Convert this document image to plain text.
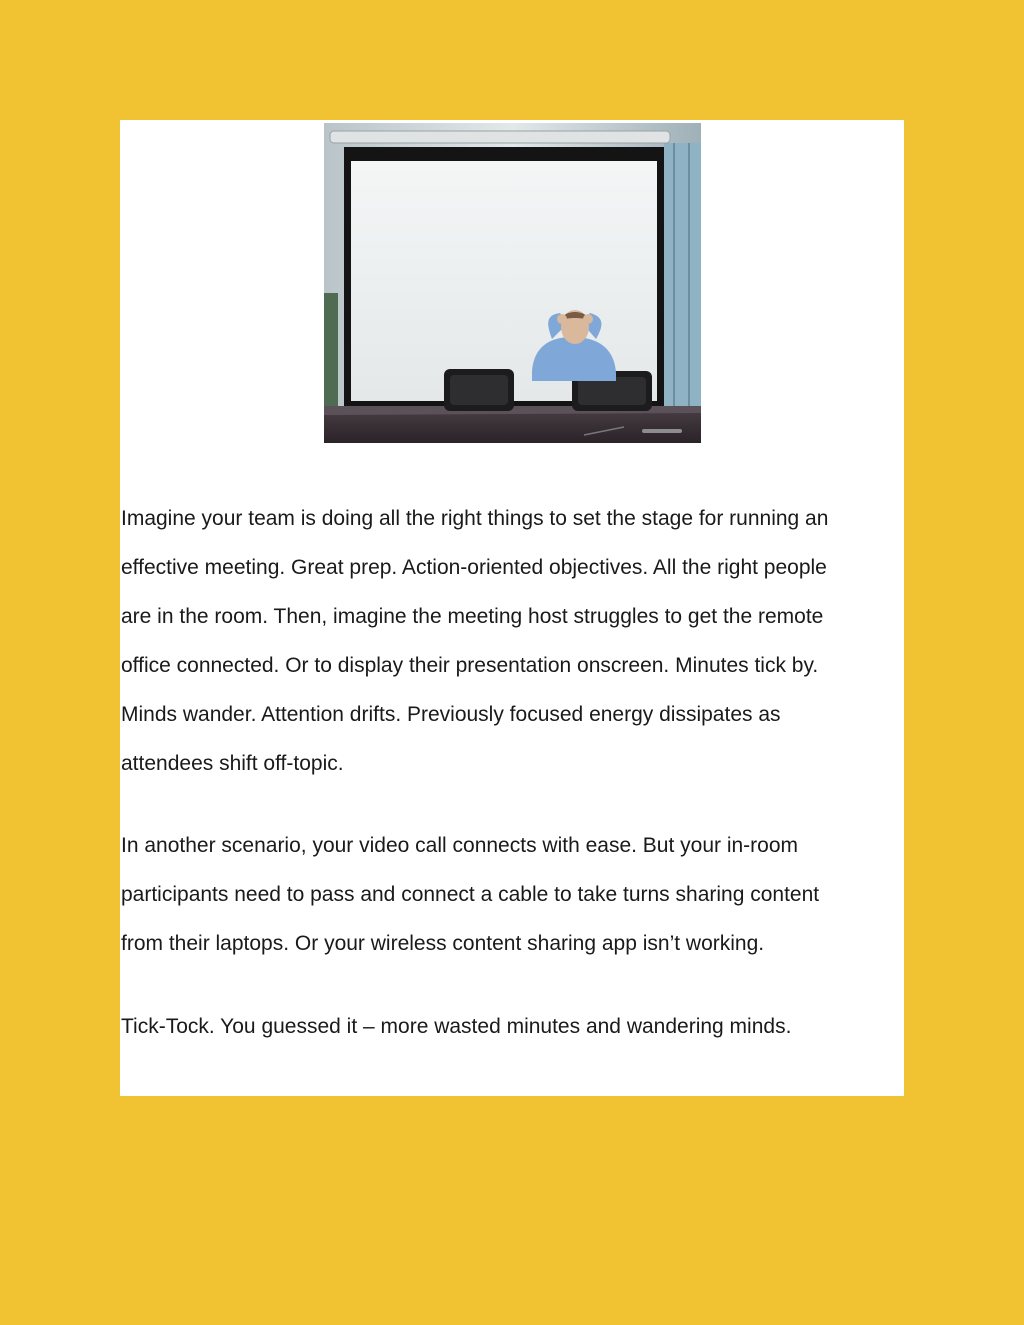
Imagine your team is doing all the right things to set the stage for running an
effective meeting. Great prep. Action-oriented objectives. All the right people
are in the room. Then, imagine the meeting host struggles to get the remote
office connected. Or to display their presentation onscreen. Minutes tick by.
Minds wander. Attention drifts. Previously focused energy dissipates as
attendees shift off-topic.

In another scenario, your video call connects with ease. But your in-room
participants need to pass and connect a cable to take turns sharing content
from their laptops. Or your wireless content sharing app isn’t working.

Tick-Tock. You guessed it – more wasted minutes and wandering minds.
